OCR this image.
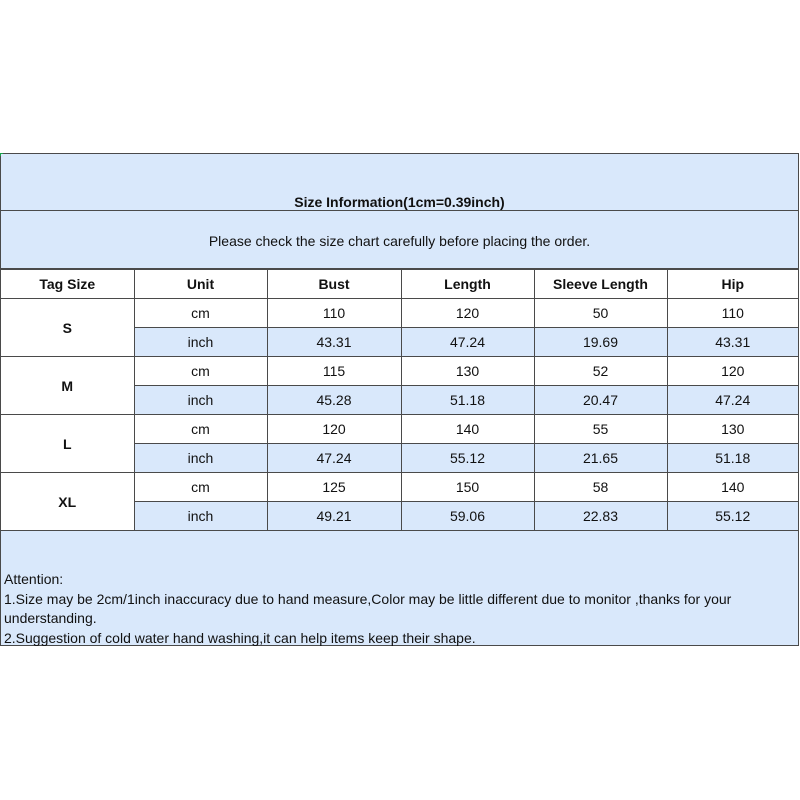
Size Information(1cm=0.39inch)
Please check the size chart carefully before placing the order.
Tag Size	Unit	Bust	Length	Sleeve Length	Hip
S	cm	110	120	50	110
	inch	43.31	47.24	19.69	43.31
M	cm	115	130	52	120
	inch	45.28	51.18	20.47	47.24
L	cm	120	140	55	130
	inch	47.24	55.12	21.65	51.18
XL	cm	125	150	58	140
	inch	49.21	59.06	22.83	55.12
Attention:
1.Size may be 2cm/1inch inaccuracy due to hand measure,Color may be little different due to monitor ,thanks for your understanding.
2.Suggestion of cold water hand washing,it can help items keep their shape.
